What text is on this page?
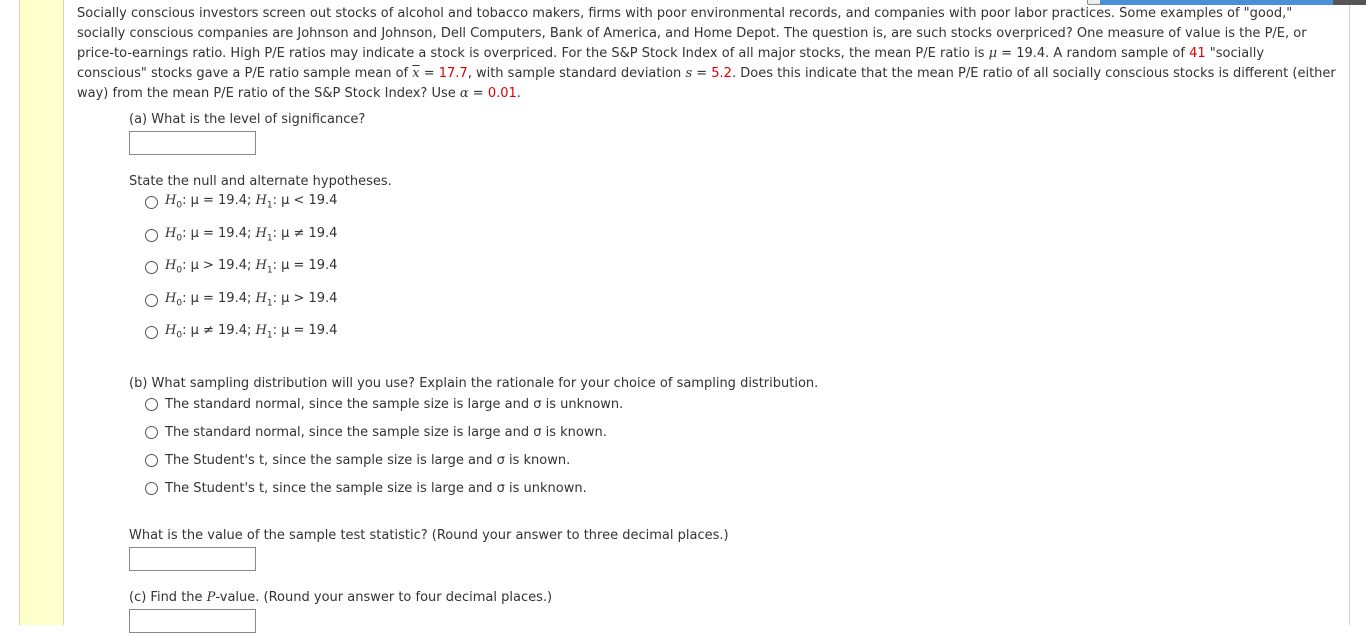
Socially conscious investors screen out stocks of alcohol and tobacco makers, firms with poor environmental records, and companies with poor labor practices. Some examples of "good," socially conscious companies are Johnson and Johnson, Dell Computers, Bank of America, and Home Depot. The question is, are such stocks overpriced? One measure of value is the P/E, or price-to-earnings ratio. High P/E ratios may indicate a stock is overpriced. For the S&P Stock Index of all major stocks, the mean P/E ratio is μ = 19.4. A random sample of 41 "socially conscious" stocks gave a P/E ratio sample mean of $\overline{x} = 17.7$, with sample standard deviation s = 5.2. Does this indicate that the mean P/E ratio of all socially conscious stocks is different (either way) from the mean P/E ratio of the S&P Stock Index? Use α = 0.01.

(a) What is the level of significance?

State the null and alternate hypotheses.

$H_0$: μ = 19.4; $H_1$: μ < 19.4
$H_0$: μ = 19.4; $H_1$: μ ≠ 19.4
$H_0$: μ > 19.4; $H_1$: μ = 19.4
$H_0$: μ = 19.4; $H_1$: μ > 19.4
$H_0$: μ ≠ 19.4; $H_1$: μ = 19.4

(b) What sampling distribution will you use? Explain the rationale for your choice of sampling distribution.

The standard normal, since the sample size is large and σ is unknown.
The standard normal, since the sample size is large and σ is known.
The Student's t, since the sample size is large and σ is known.
The Student's t, since the sample size is large and σ is unknown.

What is the value of the sample test statistic? (Round your answer to three decimal places.)

(c) Find the P-value. (Round your answer to four decimal places.)
